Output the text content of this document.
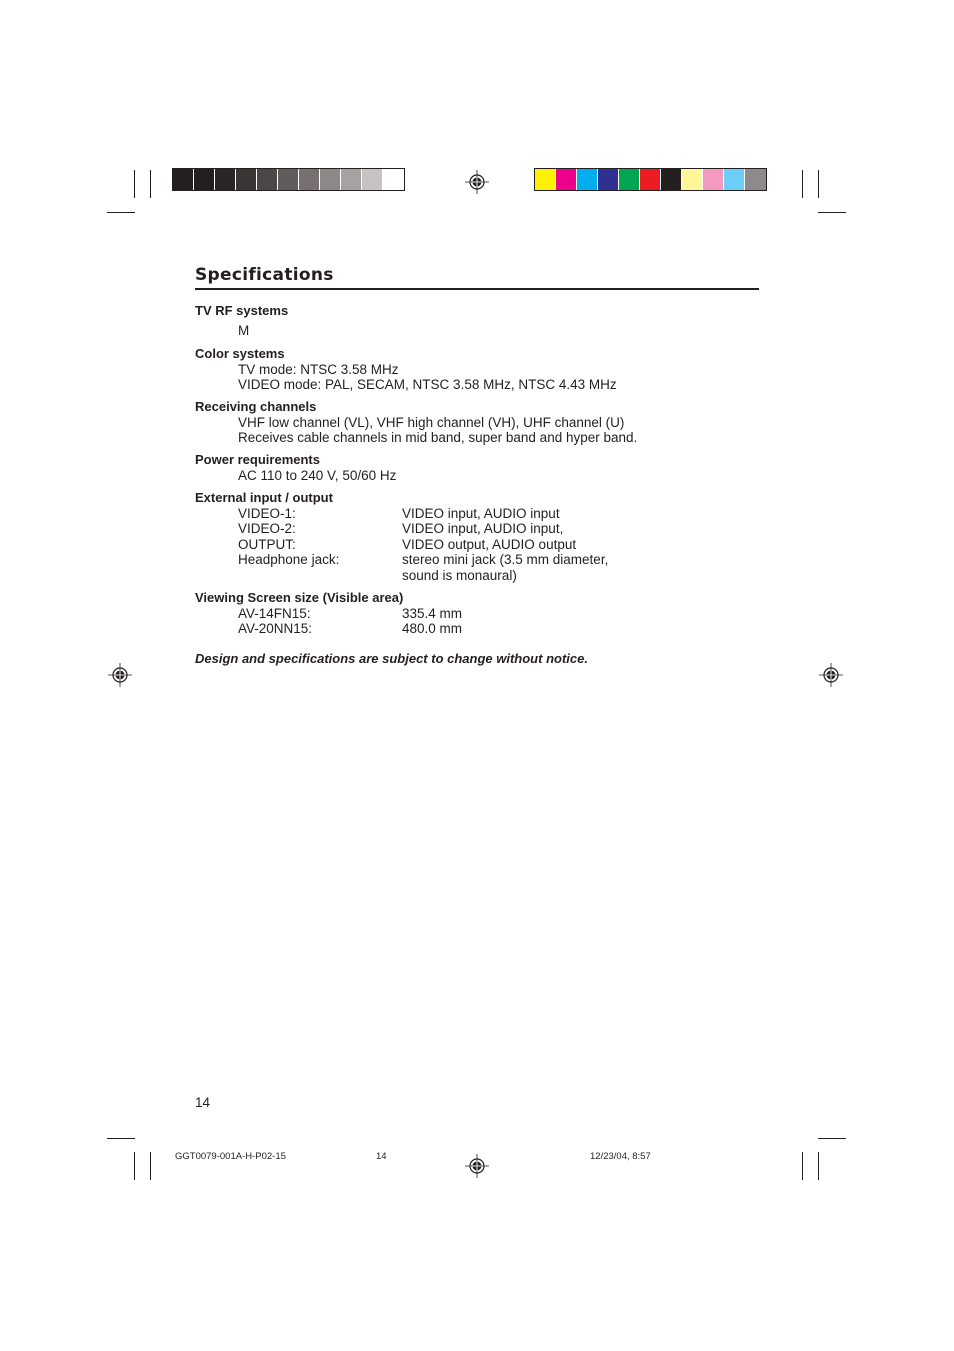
Specifications
TV RF systems
M
Color systems
TV mode: NTSC 3.58 MHz
VIDEO mode: PAL, SECAM, NTSC 3.58 MHz, NTSC 4.43 MHz
Receiving channels
VHF low channel (VL), VHF high channel (VH), UHF channel (U)
Receives cable channels in mid band, super band and hyper band.
Power requirements
AC 110 to 240 V, 50/60 Hz
External input / output
VIDEO-1:	VIDEO input, AUDIO input
VIDEO-2:	VIDEO input, AUDIO input,
OUTPUT:	VIDEO output, AUDIO output
Headphone jack:	stereo mini jack (3.5 mm diameter,
sound is monaural)
Viewing Screen size (Visible area)
AV-14FN15:	335.4 mm
AV-20NN15:	480.0 mm
Design and specifications are subject to change without notice.
14
GGT0079-001A-H-P02-15	14	12/23/04, 8:57
